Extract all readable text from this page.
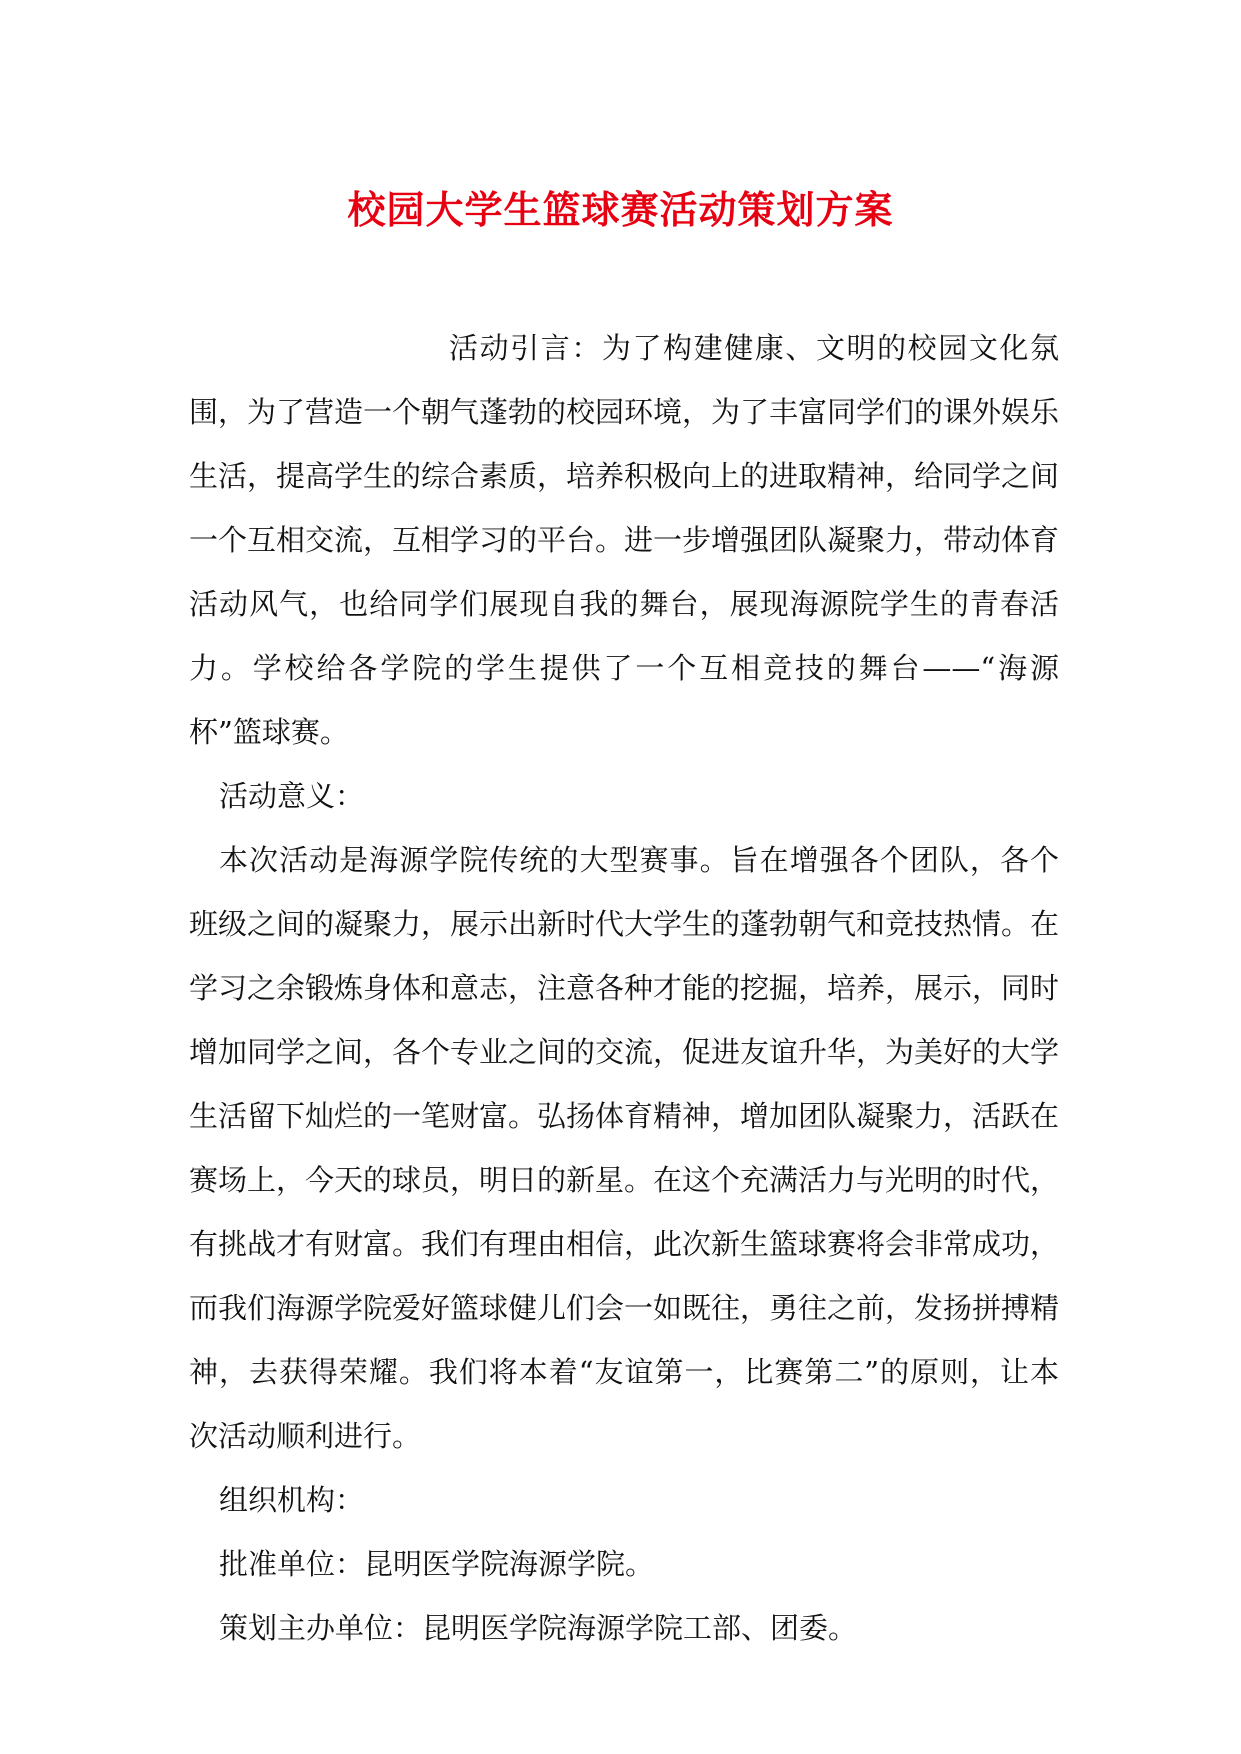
校园大学生篮球赛活动策划方案

活动引言：为了构建健康、文明的校园文化氛围，为了营造一个朝气蓬勃的校园环境，为了丰富同学们的课外娱乐生活，提高学生的综合素质，培养积极向上的进取精神，给同学之间一个互相交流，互相学习的平台。进一步增强团队凝聚力，带动体育活动风气，也给同学们展现自我的舞台，展现海源院学生的青春活力。学校给各学院的学生提供了一个互相竞技的舞台——“海源杯”篮球赛。

活动意义：

本次活动是海源学院传统的大型赛事。旨在增强各个团队，各个班级之间的凝聚力，展示出新时代大学生的蓬勃朝气和竞技热情。在学习之余锻炼身体和意志，注意各种才能的挖掘，培养，展示，同时增加同学之间，各个专业之间的交流，促进友谊升华，为美好的大学生活留下灿烂的一笔财富。弘扬体育精神，增加团队凝聚力，活跃在赛场上，今天的球员，明日的新星。在这个充满活力与光明的时代，有挑战才有财富。我们有理由相信，此次新生篮球赛将会非常成功，而我们海源学院爱好篮球健儿们会一如既往，勇往之前，发扬拼搏精神，去获得荣耀。我们将本着“友谊第一，比赛第二”的原则，让本次活动顺利进行。

组织机构：

批准单位：昆明医学院海源学院。

策划主办单位：昆明医学院海源学院工部、团委。
